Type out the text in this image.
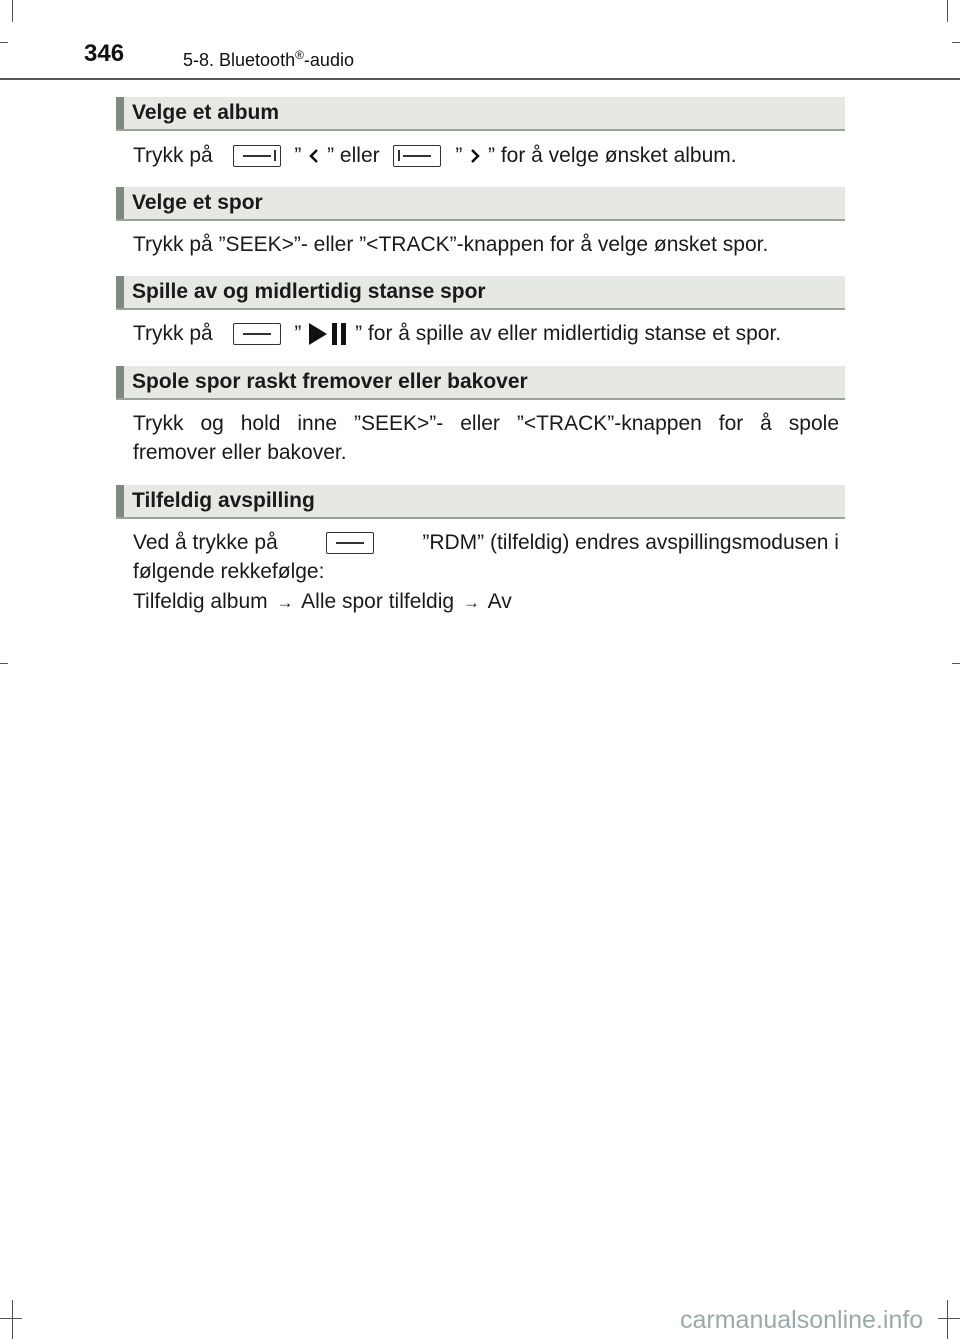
346	5-8. Bluetooth®-audio
Velge et album
Trykk på	” ” eller	” ” for å velge ønsket album.
Velge et spor
Trykk på ”SEEK>”- eller ”<TRACK”-knappen for å velge ønsket spor.
Spille av og midlertidig stanse spor
Trykk på	”	” for å spille av eller midlertidig stanse et spor.
Spole spor raskt fremover eller bakover
Trykk og hold inne ”SEEK>”- eller ”<TRACK”-knappen for å spole
fremover eller bakover.
Tilfeldig avspilling
Ved å trykke på	”RDM” (tilfeldig) endres avspillingsmodusen i
følgende rekkefølge:
Tilfeldig album → Alle spor tilfeldig → Av
carmanualsonline.info
